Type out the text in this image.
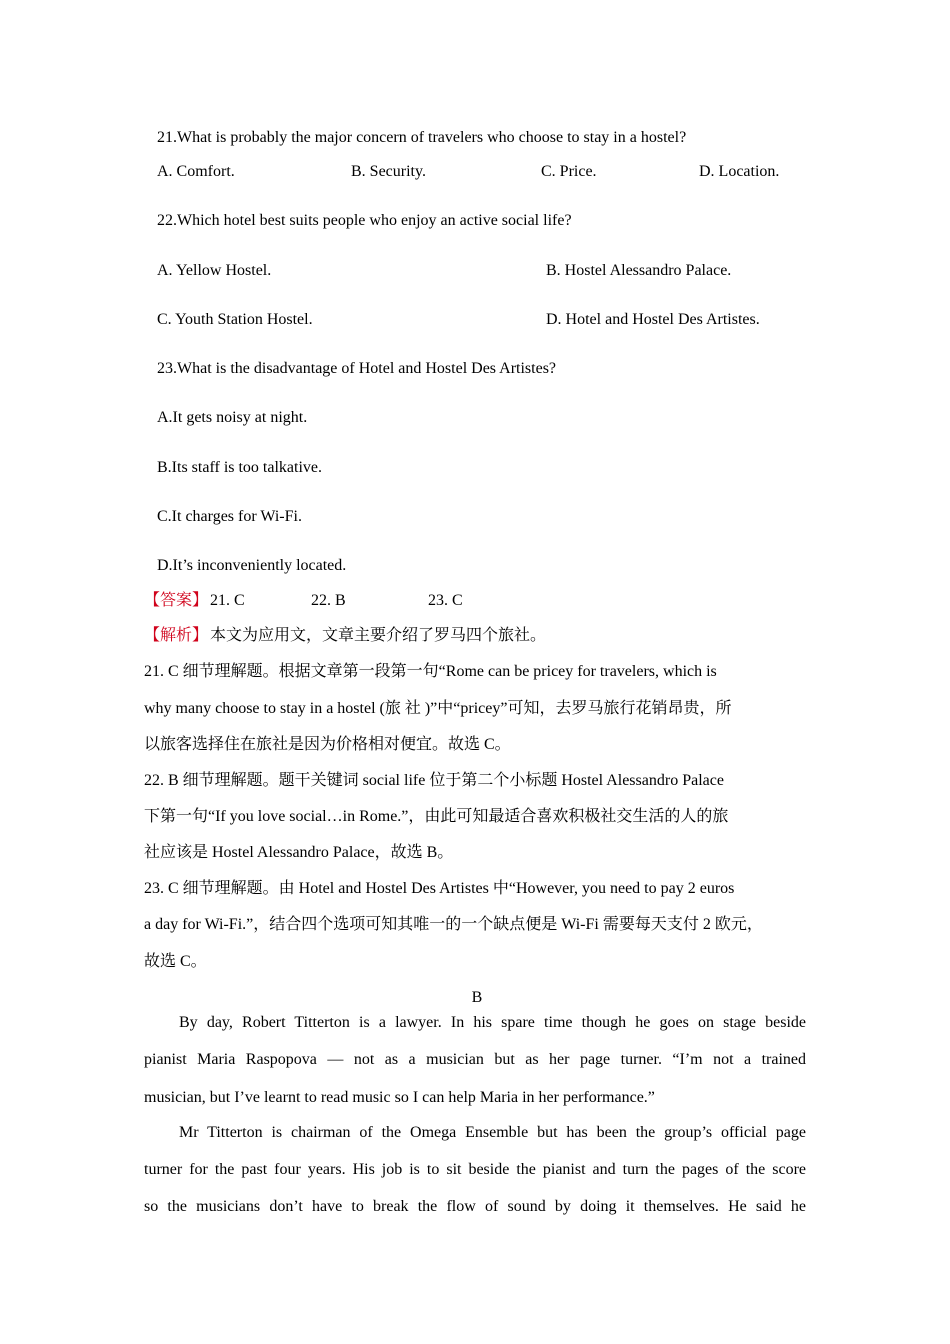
21.What is probably the major concern of travelers who choose to stay in a hostel?
A. Comfort.	B. Security.	C. Price.	D. Location.
22.Which hotel best suits people who enjoy an active social life?
A. Yellow Hostel.	B. Hostel Alessandro Palace.
C. Youth Station Hostel.	D. Hotel and Hostel Des Artistes.
23.What is the disadvantage of Hotel and Hostel Des Artistes?
A.It gets noisy at night.
B.Its staff is too talkative.
C.It charges for Wi-Fi.
D.It’s inconveniently located.
【答案】 21. C	22. B	23. C
【解析】 本文为应用文，文章主要介绍了罗马四个旅社。
21. C 细节理解题。根据文章第一段第一句“Rome can be pricey for travelers, which is
why many choose to stay in a hostel (旅 社 )”中“pricey”可知，去罗马旅行花销昂贵，所
以旅客选择住在旅社是因为价格相对便宜。故选 C。
22. B 细节理解题。题干关键词 social life 位于第二个小标题 Hostel Alessandro Palace
下第一句“If you love social…in Rome.”，由此可知最适合喜欢积极社交生活的人的旅
社应该是 Hostel Alessandro Palace，故选 B。
23. C 细节理解题。由 Hotel and Hostel Des Artistes 中“However, you need to pay 2 euros
a day for Wi-Fi.”，结合四个选项可知其唯一的一个缺点便是 Wi-Fi 需要每天支付 2 欧元，
故选 C。
B
By day, Robert Titterton is a lawyer. In his spare time though he goes on stage beside
pianist Maria Raspopova — not as a musician but as her page turner. “I’m not a trained
musician, but I’ve learnt to read music so I can help Maria in her performance.”
Mr Titterton is chairman of the Omega Ensemble but has been the group’s official page
turner for the past four years. His job is to sit beside the pianist and turn the pages of the score
so the musicians don’t have to break the flow of sound by doing it themselves. He said he
